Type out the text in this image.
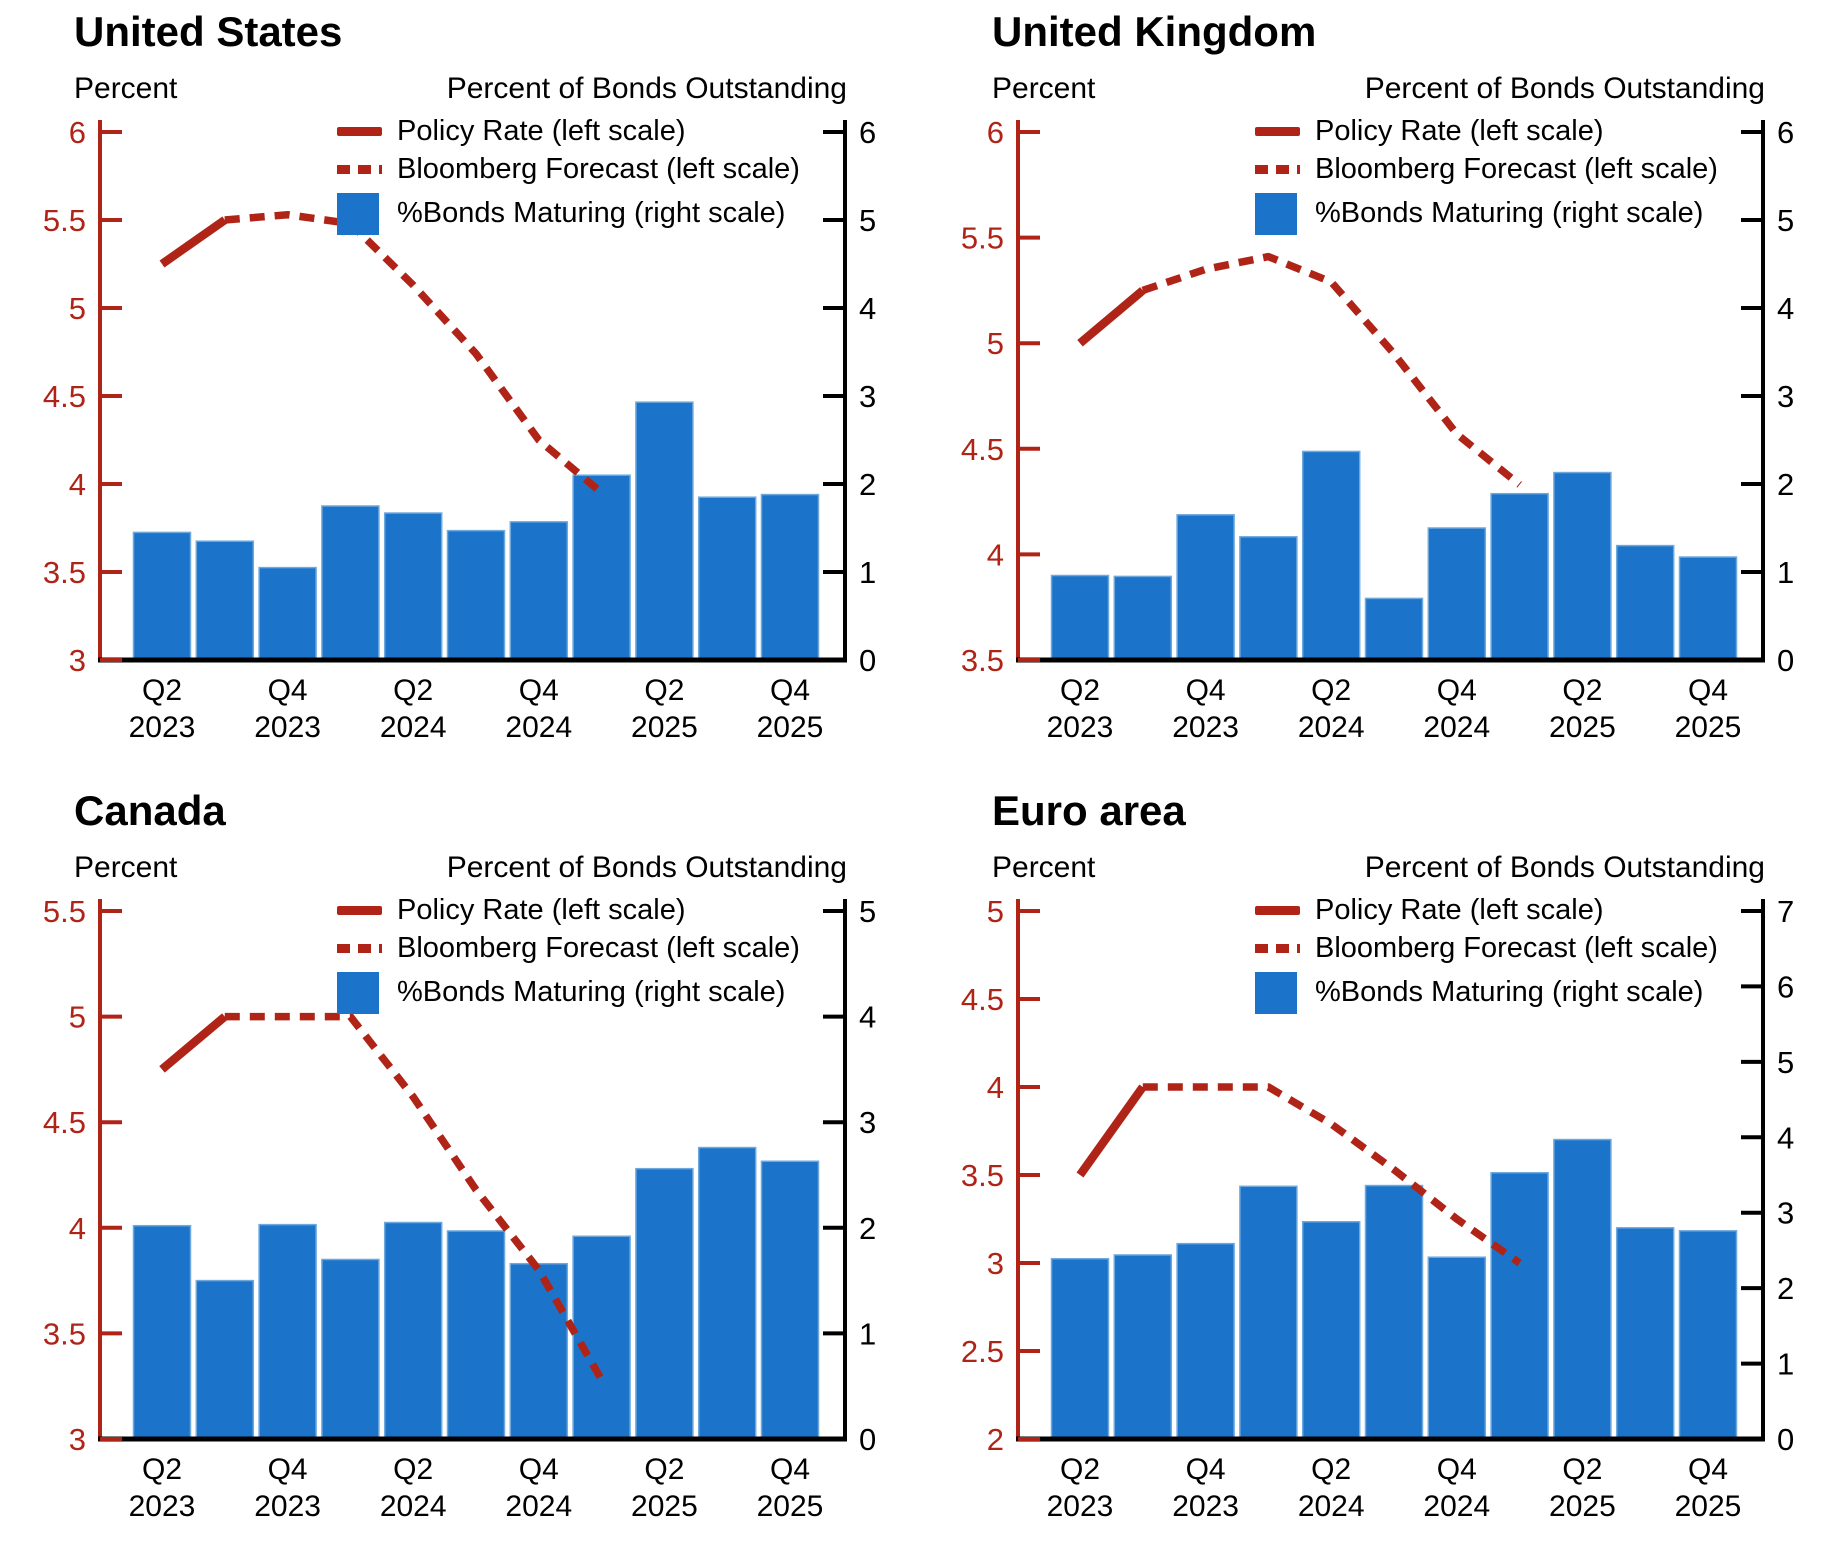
3
3.5
4
4.5
5
5.5
6
0
1
2
3
4
5
6
Q2 2023
Q4 2023
Q2 2024
Q4 2024
Q2 2025
Q4 2025
United States
Percent	Percent of Bonds Outstanding
Policy Rate (left scale)
Bloomberg Forecast (left scale)
%Bonds Maturing (right scale)
3.5
4
4.5
5
5.5
6
0
1
2
3
4
5
6
Q2 2023
Q4 2023
Q2 2024
Q4 2024
Q2 2025
Q4 2025
United Kingdom
Percent	Percent of Bonds Outstanding
Policy Rate (left scale)
Bloomberg Forecast (left scale)
%Bonds Maturing (right scale)
3
3.5
4
4.5
5
5.5
0
1
2
3
4
5
Q2 2023
Q4 2023
Q2 2024
Q4 2024
Q2 2025
Q4 2025
Canada
Percent	Percent of Bonds Outstanding
Policy Rate (left scale)
Bloomberg Forecast (left scale)
%Bonds Maturing (right scale)
2
2.5
3
3.5
4
4.5
5
0
1
2
3
4
5
6
7
Q2 2023
Q4 2023
Q2 2024
Q4 2024
Q2 2025
Q4 2025
Euro area
Percent	Percent of Bonds Outstanding
Policy Rate (left scale)
Bloomberg Forecast (left scale)
%Bonds Maturing (right scale)
